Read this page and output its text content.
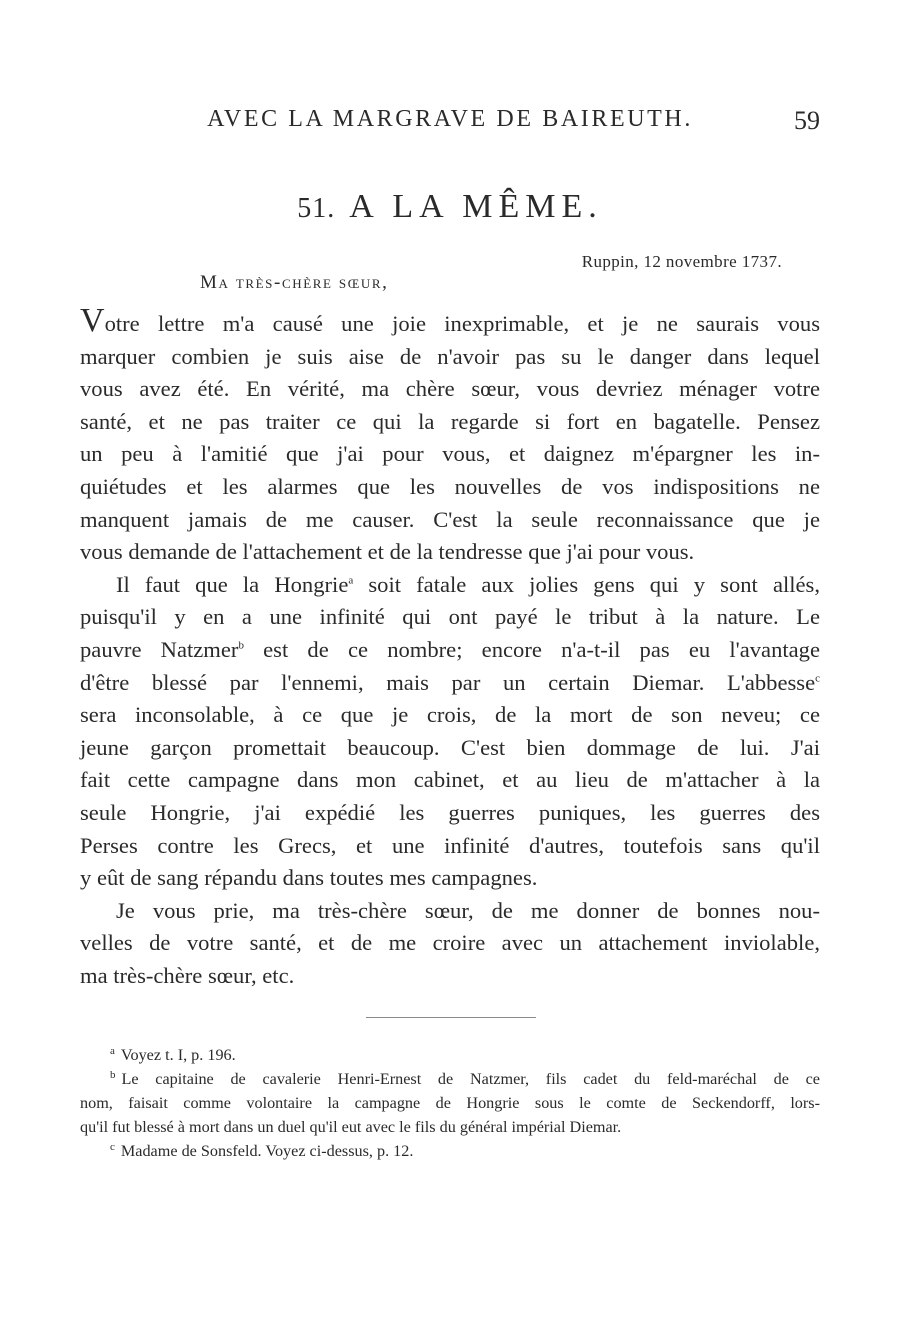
AVEC LA MARGRAVE DE BAIREUTH.	59
51. A LA MÊME.
Ruppin, 12 novembre 1737.
Ma très-chère sœur,
Votre lettre m'a causé une joie inexprimable, et je ne saurais vous
marquer combien je suis aise de n'avoir pas su le danger dans lequel
vous avez été. En vérité, ma chère sœur, vous devriez ménager votre
santé, et ne pas traiter ce qui la regarde si fort en bagatelle. Pensez
un peu à l'amitié que j'ai pour vous, et daignez m'épargner les in-
quiétudes et les alarmes que les nouvelles de vos indispositions ne
manquent jamais de me causer. C'est la seule reconnaissance que je
vous demande de l'attachement et de la tendresse que j'ai pour vous.
Il faut que la Hongrie$^a$ soit fatale aux jolies gens qui y sont allés,
puisqu'il y en a une infinité qui ont payé le tribut à la nature. Le
pauvre Natzmer$^b$ est de ce nombre; encore n'a-t-il pas eu l'avantage
d'être blessé par l'ennemi, mais par un certain Diemar. L'abbesse$^c$
sera inconsolable, à ce que je crois, de la mort de son neveu; ce
jeune garçon promettait beaucoup. C'est bien dommage de lui. J'ai
fait cette campagne dans mon cabinet, et au lieu de m'attacher à la
seule Hongrie, j'ai expédié les guerres puniques, les guerres des
Perses contre les Grecs, et une infinité d'autres, toutefois sans qu'il
y eût de sang répandu dans toutes mes campagnes.
Je vous prie, ma très-chère sœur, de me donner de bonnes nou-
velles de votre santé, et de me croire avec un attachement inviolable,
ma très-chère sœur, etc.
$^a$ Voyez t. I, p. 196.
$^b$ Le capitaine de cavalerie Henri-Ernest de Natzmer, fils cadet du feld-maréchal de ce
nom, faisait comme volontaire la campagne de Hongrie sous le comte de Seckendorff, lors-
qu'il fut blessé à mort dans un duel qu'il eut avec le fils du général impérial Diemar.
$^c$ Madame de Sonsfeld. Voyez ci-dessus, p. 12.
